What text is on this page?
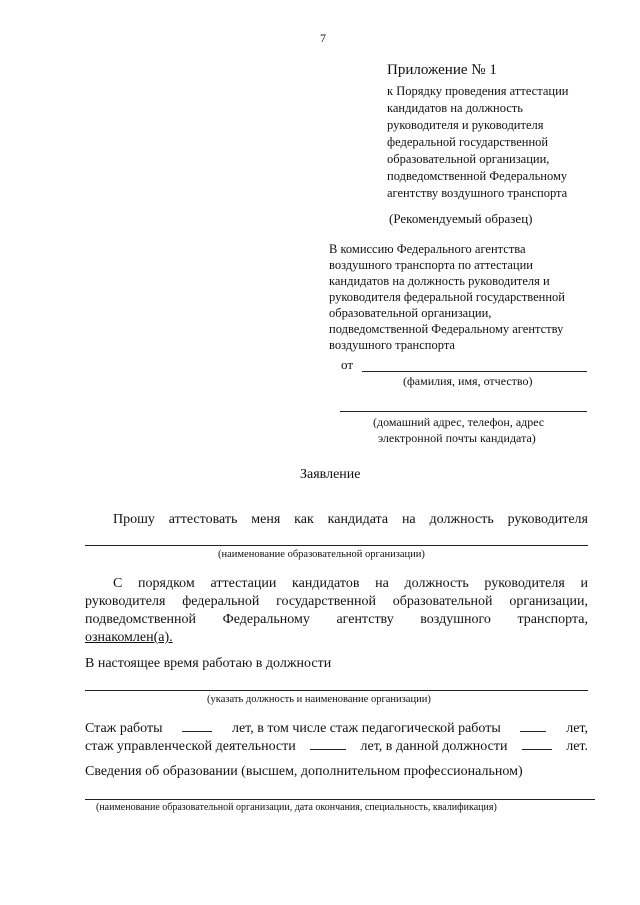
7
Приложение № 1
к Порядку проведения аттестации
кандидатов на должность
руководителя и руководителя
федеральной государственной
образовательной организации,
подведомственной Федеральному
агентству воздушного транспорта
(Рекомендуемый образец)
В комиссию Федерального агентства
воздушного транспорта по аттестации
кандидатов на должность руководителя и
руководителя федеральной государственной
образовательной организации,
подведомственной Федеральному агентству
воздушного транспорта
от
(фамилия, имя, отчество)
(домашний адрес, телефон, адрес
электронной почты кандидата)
Заявление
Прошу аттестовать меня как кандидата на должность руководителя
(наименование образовательной организации)
С порядком аттестации кандидатов на должность руководителя и
руководителя федеральной государственной образовательной организации,
подведомственной Федеральному агентству воздушного транспорта,
ознакомлен(а).
В настоящее время работаю в должности
(указать должность и наименование организации)
Стаж работы	лет, в том числе стаж педагогической работы	лет,
стаж управленческой деятельности	лет, в данной должности	лет.
Сведения об образовании (высшем, дополнительном профессиональном)
(наименование образовательной организации, дата окончания, специальность, квалификация)
